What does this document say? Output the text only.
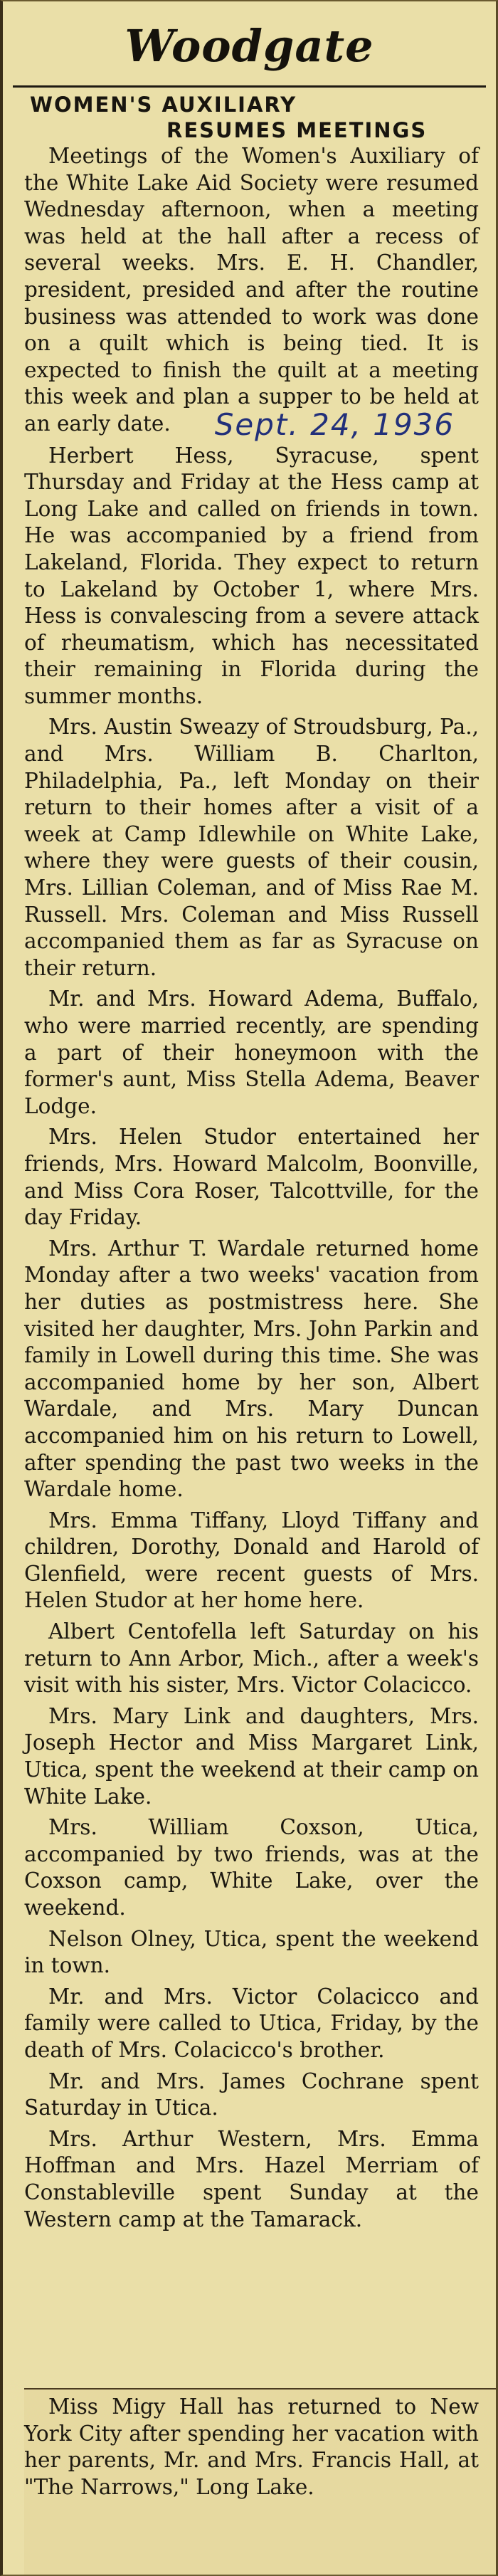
Woodgate
WOMEN'S AUXILIARY
RESUMES MEETINGS

Meetings of the Women's Auxiliary of the White Lake Aid Society were resumed Wednesday afternoon, when a meeting was held at the hall after a recess of several weeks. Mrs. E. H. Chandler, president, presided and after the routine business was attended to work was done on a quilt which is being tied. It is expected to finish the quilt at a meeting this week and plan a supper to be held at an early date. Sept. 24, 1936

Herbert Hess, Syracuse, spent Thursday and Friday at the Hess camp at Long Lake and called on friends in town. He was accompanied by a friend from Lakeland, Florida. They expect to return to Lakeland by October 1, where Mrs. Hess is convalescing from a severe attack of rheumatism, which has necessitated their remaining in Florida during the summer months.

Mrs. Austin Sweazy of Stroudsburg, Pa., and Mrs. William B. Charlton, Philadelphia, Pa., left Monday on their return to their homes after a visit of a week at Camp Idlewhile on White Lake, where they were guests of their cousin, Mrs. Lillian Coleman, and of Miss Rae M. Russell. Mrs. Coleman and Miss Russell accompanied them as far as Syracuse on their return.

Mr. and Mrs. Howard Adema, Buffalo, who were married recently, are spending a part of their honeymoon with the former's aunt, Miss Stella Adema, Beaver Lodge.

Mrs. Helen Studor entertained her friends, Mrs. Howard Malcolm, Boonville, and Miss Cora Roser, Talcottville, for the day Friday.

Mrs. Arthur T. Wardale returned home Monday after a two weeks' vacation from her duties as postmistress here. She visited her daughter, Mrs. John Parkin and family in Lowell during this time. She was accompanied home by her son, Albert Wardale, and Mrs. Mary Duncan accompanied him on his return to Lowell, after spending the past two weeks in the Wardale home.

Mrs. Emma Tiffany, Lloyd Tiffany and children, Dorothy, Donald and Harold of Glenfield, were recent guests of Mrs. Helen Studor at her home here.

Albert Centofella left Saturday on his return to Ann Arbor, Mich., after a week's visit with his sister, Mrs. Victor Colacicco.

Mrs. Mary Link and daughters, Mrs. Joseph Hector and Miss Margaret Link, Utica, spent the weekend at their camp on White Lake.

Mrs. William Coxson, Utica, accompanied by two friends, was at the Coxson camp, White Lake, over the weekend.

Nelson Olney, Utica, spent the weekend in town.

Mr. and Mrs. Victor Colacicco and family were called to Utica, Friday, by the death of Mrs. Colacicco's brother.

Mr. and Mrs. James Cochrane spent Saturday in Utica.

Mrs. Arthur Western, Mrs. Emma Hoffman and Mrs. Hazel Merriam of Constableville spent Sunday at the Western camp at the Tamarack.

Miss Migy Hall has returned to New York City after spending her vacation with her parents, Mr. and Mrs. Francis Hall, at "The Narrows," Long Lake.
